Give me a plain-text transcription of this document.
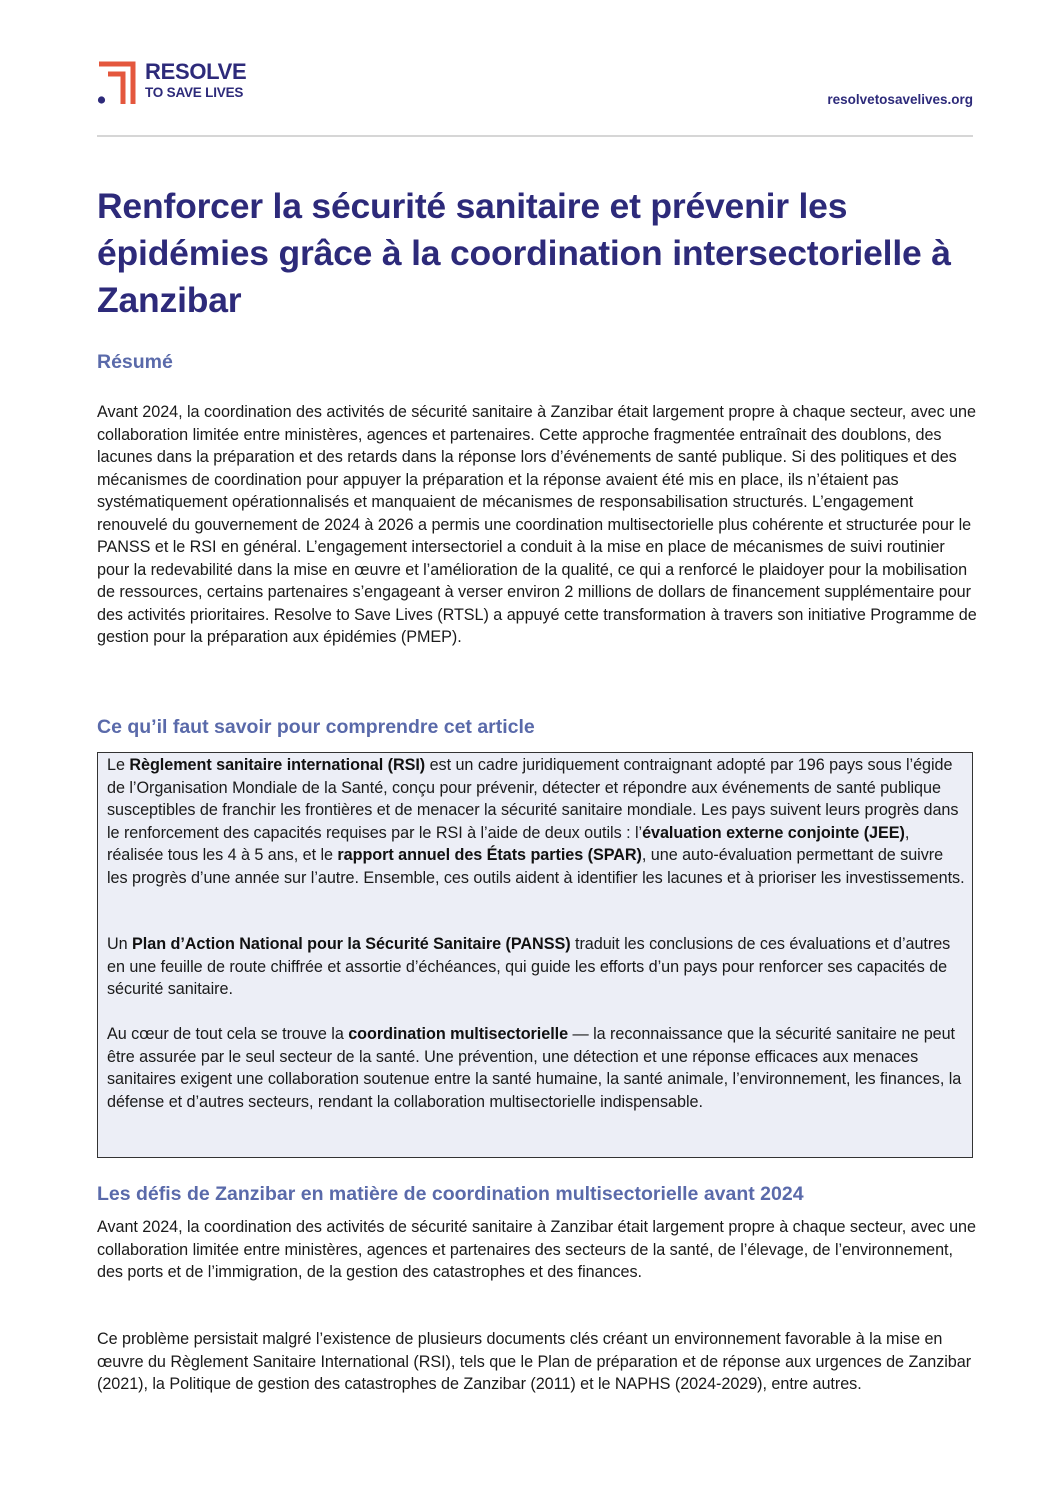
RESOLVE
TO SAVE LIVES	resolvetosavelives.org
Renforcer la sécurité sanitaire et prévenir les épidémies grâce à la coordination intersectorielle à Zanzibar
Résumé

Avant 2024, la coordination des activités de sécurité sanitaire à Zanzibar était largement propre à chaque secteur, avec une collaboration limitée entre ministères, agences et partenaires. Cette approche fragmentée entraînait des doublons, des lacunes dans la préparation et des retards dans la réponse lors d’événements de santé publique. Si des politiques et des mécanismes de coordination pour appuyer la préparation et la réponse avaient été mis en place, ils n’étaient pas systématiquement opérationnalisés et manquaient de mécanismes de responsabilisation structurés. L’engagement renouvelé du gouvernement de 2024 à 2026 a permis une coordination multisectorielle plus cohérente et structurée pour le PANSS et le RSI en général. L’engagement intersectoriel a conduit à la mise en place de mécanismes de suivi routinier pour la redevabilité dans la mise en œuvre et l’amélioration de la qualité, ce qui a renforcé le plaidoyer pour la mobilisation de ressources, certains partenaires s’engageant à verser environ 2 millions de dollars de financement supplémentaire pour des activités prioritaires. Resolve to Save Lives (RTSL) a appuyé cette transformation à travers son initiative Programme de gestion pour la préparation aux épidémies (PMEP).

Ce qu’il faut savoir pour comprendre cet article

Le Règlement sanitaire international (RSI) est un cadre juridiquement contraignant adopté par 196 pays sous l’égide de l’Organisation Mondiale de la Santé, conçu pour prévenir, détecter et répondre aux événements de santé publique susceptibles de franchir les frontières et de menacer la sécurité sanitaire mondiale. Les pays suivent leurs progrès dans le renforcement des capacités requises par le RSI à l’aide de deux outils : l’évaluation externe conjointe (JEE), réalisée tous les 4 à 5 ans, et le rapport annuel des États parties (SPAR), une auto-évaluation permettant de suivre les progrès d’une année sur l’autre. Ensemble, ces outils aident à identifier les lacunes et à prioriser les investissements.

Un Plan d’Action National pour la Sécurité Sanitaire (PANSS) traduit les conclusions de ces évaluations et d’autres en une feuille de route chiffrée et assortie d’échéances, qui guide les efforts d’un pays pour renforcer ses capacités de sécurité sanitaire.

Au cœur de tout cela se trouve la coordination multisectorielle — la reconnaissance que la sécurité sanitaire ne peut être assurée par le seul secteur de la santé. Une prévention, une détection et une réponse efficaces aux menaces sanitaires exigent une collaboration soutenue entre la santé humaine, la santé animale, l’environnement, les finances, la défense et d’autres secteurs, rendant la collaboration multisectorielle indispensable.

Les défis de Zanzibar en matière de coordination multisectorielle avant 2024

Avant 2024, la coordination des activités de sécurité sanitaire à Zanzibar était largement propre à chaque secteur, avec une collaboration limitée entre ministères, agences et partenaires des secteurs de la santé, de l’élevage, de l’environnement, des ports et de l’immigration, de la gestion des catastrophes et des finances.

Ce problème persistait malgré l’existence de plusieurs documents clés créant un environnement favorable à la mise en œuvre du Règlement Sanitaire International (RSI), tels que le Plan de préparation et de réponse aux urgences de Zanzibar (2021), la Politique de gestion des catastrophes de Zanzibar (2011) et le NAPHS (2024-2029), entre autres.
